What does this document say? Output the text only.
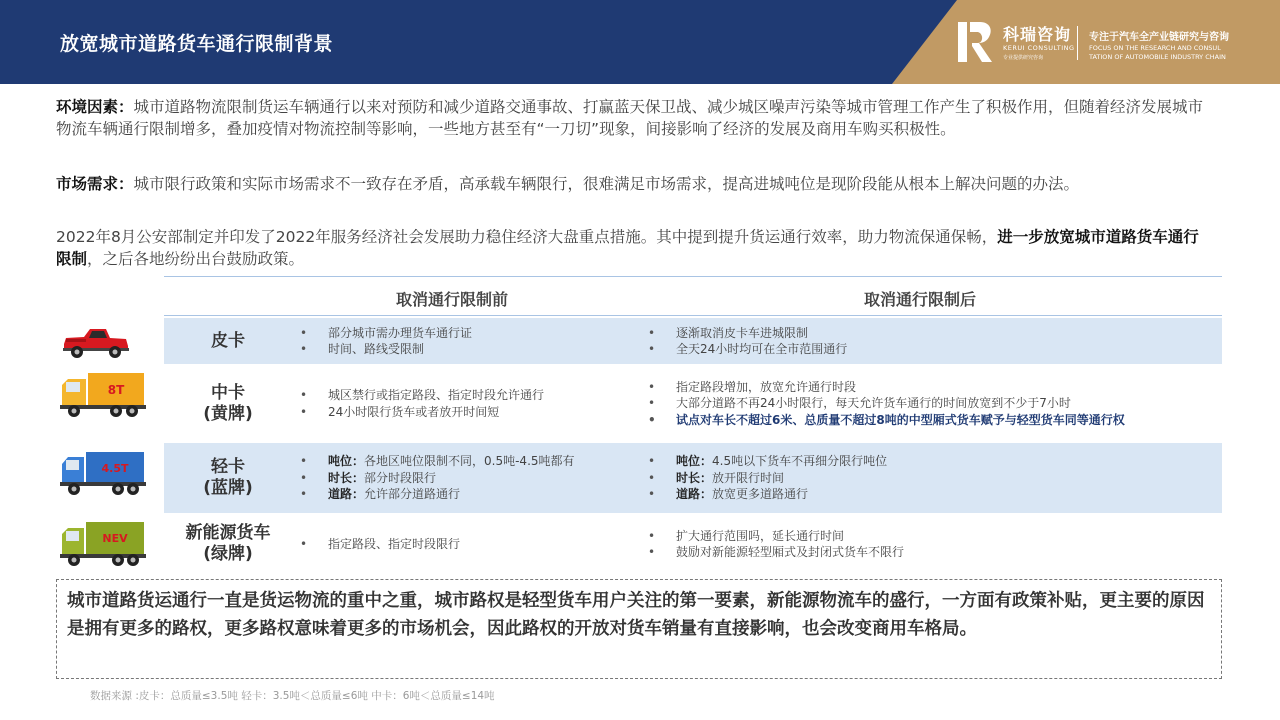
放宽城市道路货车通行限制背景	科瑞咨询
KERUI CONSULTING
专业提供研究咨询
专注于汽车全产业链研究与咨询
FOCUS ON THE RESEARCH AND CONSUL
TATION OF AUTOMOBILE INDUSTRY CHAIN
环境因素：城市道路物流限制货运车辆通行以来对预防和减少道路交通事故、打赢蓝天保卫战、减少城区噪声污染等城市管理工作产生了积极作用，但随着经济发展城市物流车辆通行限制增多，叠加疫情对物流控制等影响，一些地方甚至有“一刀切”现象，间接影响了经济的发展及商用车购买积极性。
市场需求：城市限行政策和实际市场需求不一致存在矛盾，高承载车辆限行，很难满足市场需求，提高进城吨位是现阶段能从根本上解决问题的办法。
2022年8月公安部制定并印发了2022年服务经济社会发展助力稳住经济大盘重点措施。其中提到提升货运通行效率，助力物流保通保畅，进一步放宽城市道路货车通行限制，之后各地纷纷出台鼓励政策。
取消通行限制前	取消通行限制后
8T
4.5T
NEV
皮卡
•	部分城市需办理货车通行证
• 时间、路线受限制
• 逐渐取消皮卡车进城限制
• 全天24小时均可在全市范围通行
中卡
(黄牌)
• 城区禁行或指定路段、指定时段允许通行
• 24小时限行货车或者放开时间短
• 指定路段增加，放宽允许通行时段
• 大部分道路不再24小时限行，每天允许货车通行的时间放宽到不少于7小时
• 试点对车长不超过6米、总质量不超过8吨的中型厢式货车赋予与轻型货车同等通行权
轻卡
(蓝牌)
• 吨位：各地区吨位限制不同，0.5吨-4.5吨都有
• 时长：部分时段限行
• 道路：允许部分道路通行
• 吨位：4.5吨以下货车不再细分限行吨位
• 时长：放开限行时间
• 道路：放宽更多道路通行
新能源货车
(绿牌)
• 指定路段、指定时段限行
• 扩大通行范围吗，延长通行时间
• 鼓励对新能源轻型厢式及封闭式货车不限行
城市道路货运通行一直是货运物流的重中之重，城市路权是轻型货车用户关注的第一要素，新能源物流车的盛行，一方面有政策补贴，更主要的原因是拥有更多的路权，更多路权意味着更多的市场机会，因此路权的开放对货车销量有直接影响，也会改变商用车格局。
数据来源 :皮卡：总质量≤3.5吨 轻卡：3.5吨＜总质量≤6吨 中卡：6吨＜总质量≤14吨
